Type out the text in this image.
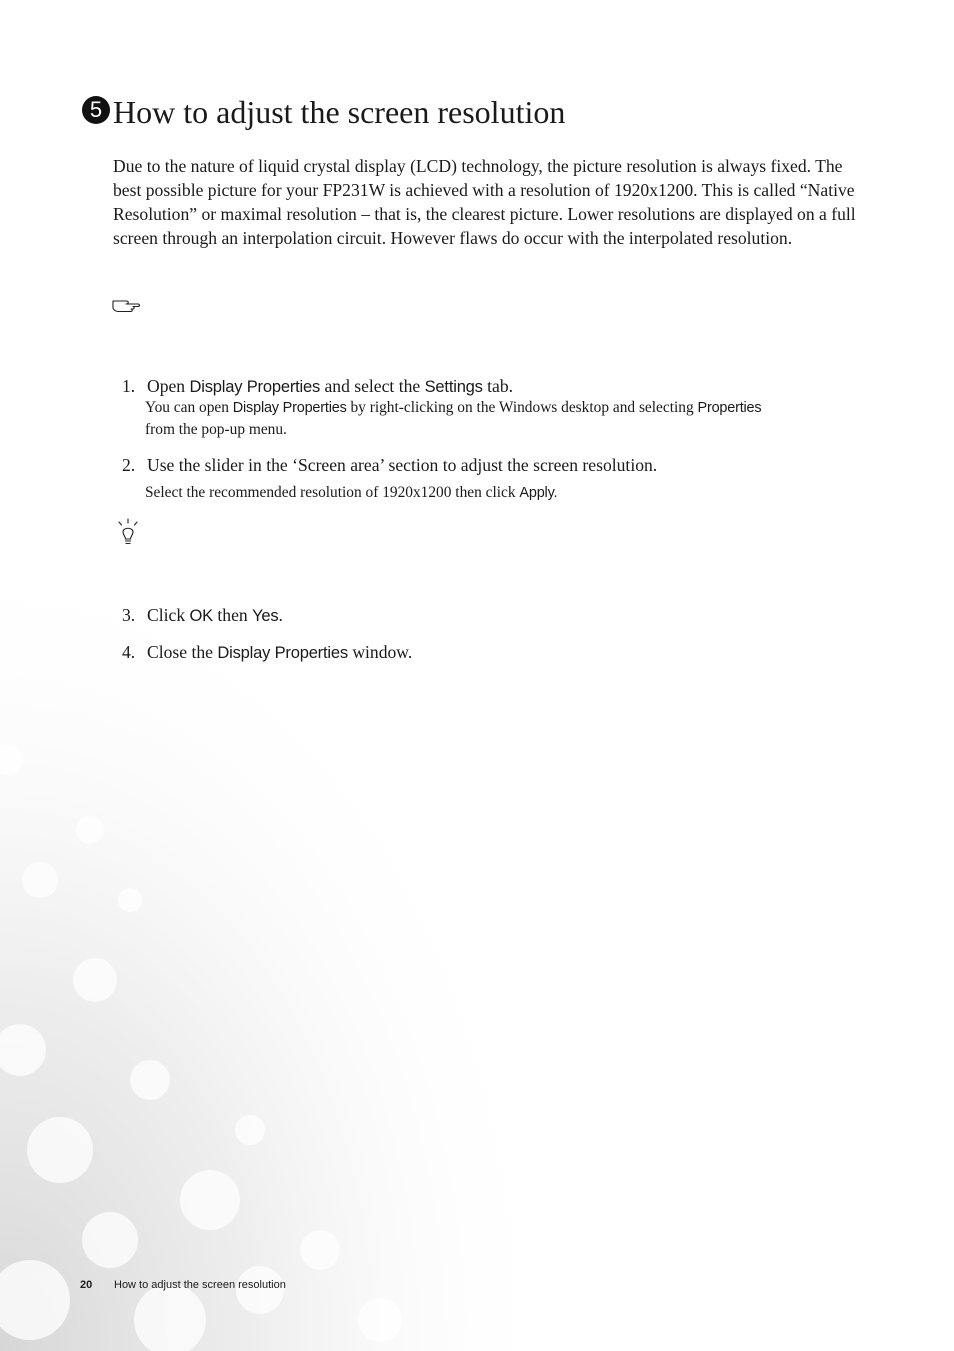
5 How to adjust the screen resolution

Due to the nature of liquid crystal display (LCD) technology, the picture resolution is always fixed. The best possible picture for your FP231W is achieved with a resolution of 1920x1200. This is called “Native Resolution” or maximal resolution – that is, the clearest picture. Lower resolutions are displayed on a full screen through an interpolation circuit. However flaws do occur with the interpolated resolution.

1. Open Display Properties and select the Settings tab.
You can open Display Properties by right-clicking on the Windows desktop and selecting Properties
from the pop-up menu.
2. Use the slider in the ‘Screen area’ section to adjust the screen resolution.
Select the recommended resolution of 1920x1200 then click Apply.
3. Click OK then Yes.
4. Close the Display Properties window.
20 How to adjust the screen resolution
